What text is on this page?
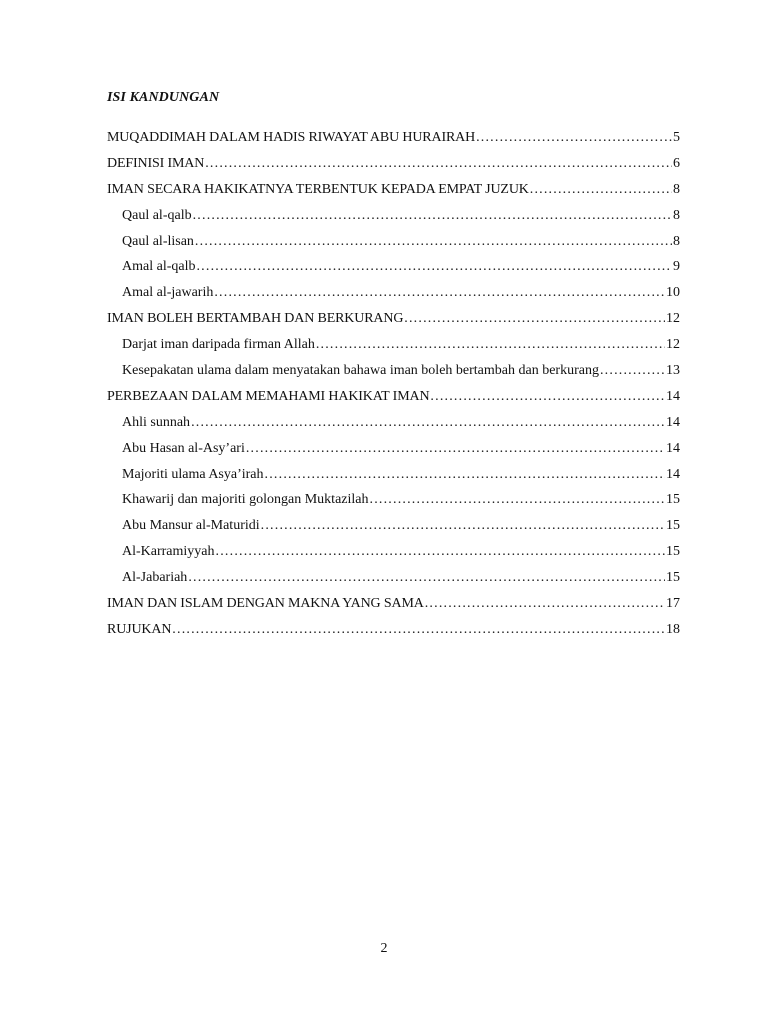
ISI KANDUNGAN
MUQADDIMAH DALAM HADIS RIWAYAT ABU HURAIRAH .....	5
DEFINISI IMAN .....	6
IMAN SECARA HAKIKATNYA TERBENTUK KEPADA EMPAT JUZUK .....	8
Qaul al-qalb .....	8
Qaul al-lisan .....	8
Amal al-qalb .....	9
Amal al-jawarih .....	10
IMAN BOLEH BERTAMBAH DAN BERKURANG .....	12
Darjat iman daripada firman Allah .....	12
Kesepakatan ulama dalam menyatakan bahawa iman boleh bertambah dan berkurang .....	13
PERBEZAAN DALAM MEMAHAMI HAKIKAT IMAN .....	14
Ahli sunnah .....	14
Abu Hasan al-Asy’ari .....	14
Majoriti ulama Asya’irah .....	14
Khawarij dan majoriti golongan Muktazilah .....	15
Abu Mansur al-Maturidi .....	15
Al-Karramiyyah .....	15
Al-Jabariah .....	15
IMAN DAN ISLAM DENGAN MAKNA YANG SAMA .....	17
RUJUKAN .....	18
2
